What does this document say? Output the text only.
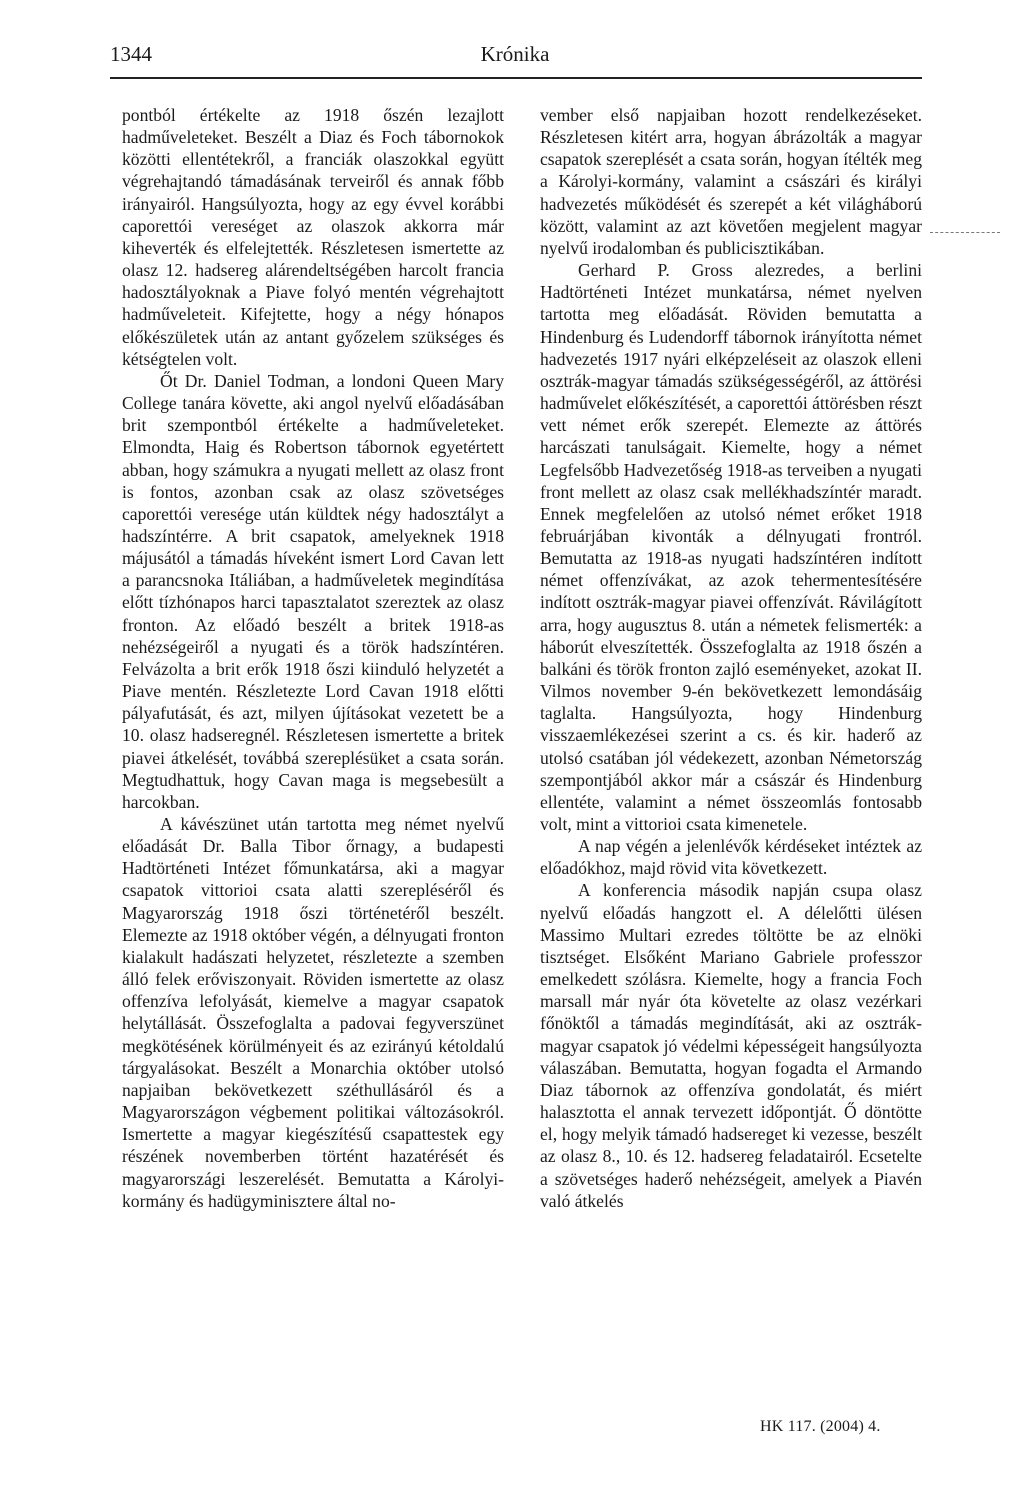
1344	Krónika

pontból értékelte az 1918 őszén lezajlott hadműveleteket. Beszélt a Diaz és Foch tábornokok közötti ellentétekről, a franciák olaszokkal együtt végrehajtandó támadásának terveiről és annak főbb irányairól. Hangsúlyozta, hogy az egy évvel korábbi caporettói vereséget az olaszok akkorra már kiheverték és elfelejtették. Részletesen ismertette az olasz 12. hadsereg alárendeltségében harcolt francia hadosztályoknak a Piave folyó mentén végrehajtott hadműveleteit. Kifejtette, hogy a négy hónapos előkészületek után az antant győzelem szükséges és kétségtelen volt.

Őt Dr. Daniel Todman, a londoni Queen Mary College tanára követte, aki angol nyelvű előadásában brit szempontból értékelte a hadműveleteket. Elmondta, Haig és Robertson tábornok egyetértett abban, hogy számukra a nyugati mellett az olasz front is fontos, azonban csak az olasz szövetséges caporettói veresége után küldtek négy hadosztályt a hadszíntérre. A brit csapatok, amelyeknek 1918 májusától a támadás híveként ismert Lord Cavan lett a parancsnoka Itáliában, a hadműveletek megindítása előtt tízhónapos harci tapasztalatot szereztek az olasz fronton. Az előadó beszélt a britek 1918-as nehézségeiről a nyugati és a török hadszíntéren. Felvázolta a brit erők 1918 őszi kiinduló helyzetét a Piave mentén. Részletezte Lord Cavan 1918 előtti pályafutását, és azt, milyen újításokat vezetett be a 10. olasz hadseregnél. Részletesen ismertette a britek piavei átkelését, továbbá szereplésüket a csata során. Megtudhattuk, hogy Cavan maga is megsebesült a harcokban.

A kávészünet után tartotta meg német nyelvű előadását Dr. Balla Tibor őrnagy, a budapesti Hadtörténeti Intézet főmunkatársa, aki a magyar csapatok vittorioi csata alatti szerepléséről és Magyarország 1918 őszi történetéről beszélt. Elemezte az 1918 október végén, a délnyugati fronton kialakult hadászati helyzetet, részletezte a szemben álló felek erőviszonyait. Röviden ismertette az olasz offenzíva lefolyását, kiemelve a magyar csapatok helytállását. Összefoglalta a padovai fegyverszünet megkötésének körülményeit és az ezirányú kétoldalú tárgyalásokat. Beszélt a Monarchia október utolsó napjaiban bekövetkezett széthullásáról és a Magyarországon végbement politikai változásokról. Ismertette a magyar kiegészítésű csapattestek egy részének novemberben történt hazatérését és magyarországi leszerelését. Bemutatta a Károlyi-kormány és hadügyminisztere által no-

vember első napjaiban hozott rendelkezéseket. Részletesen kitért arra, hogyan ábrázolták a magyar csapatok szereplését a csata során, hogyan ítélték meg a Károlyi-kormány, valamint a császári és királyi hadvezetés működését és szerepét a két világháború között, valamint az azt követően megjelent magyar nyelvű irodalomban és publicisztikában.

Gerhard P. Gross alezredes, a berlini Hadtörténeti Intézet munkatársa, német nyelven tartotta meg előadását. Röviden bemutatta a Hindenburg és Ludendorff tábornok irányította német hadvezetés 1917 nyári elképzeléseit az olaszok elleni osztrák-magyar támadás szükségességéről, az áttörési hadművelet előkészítését, a caporettói áttörésben részt vett német erők szerepét. Elemezte az áttörés harcászati tanulságait. Kiemelte, hogy a német Legfelsőbb Hadvezetőség 1918-as terveiben a nyugati front mellett az olasz csak mellékhadszíntér maradt. Ennek megfelelően az utolsó német erőket 1918 februárjában kivonták a délnyugati frontról. Bemutatta az 1918-as nyugati hadszíntéren indított német offenzívákat, az azok tehermentesítésére indított osztrák-magyar piavei offenzívát. Rávilágított arra, hogy augusztus 8. után a németek felismerték: a háborút elveszítették. Összefoglalta az 1918 őszén a balkáni és török fronton zajló eseményeket, azokat II. Vilmos november 9-én bekövetkezett lemondásáig taglalta. Hangsúlyozta, hogy Hindenburg visszaemlékezései szerint a cs. és kir. haderő az utolsó csatában jól védekezett, azonban Németország szempontjából akkor már a császár és Hindenburg ellentéte, valamint a német összeomlás fontosabb volt, mint a vittorioi csata kimenetele.

A nap végén a jelenlévők kérdéseket intéztek az előadókhoz, majd rövid vita következett.

A konferencia második napján csupa olasz nyelvű előadás hangzott el. A délelőtti ülésen Massimo Multari ezredes töltötte be az elnöki tisztséget. Elsőként Mariano Gabriele professzor emelkedett szólásra. Kiemelte, hogy a francia Foch marsall már nyár óta követelte az olasz vezérkari főnöktől a támadás megindítását, aki az osztrák-magyar csapatok jó védelmi képességeit hangsúlyozta válaszában. Bemutatta, hogyan fogadta el Armando Diaz tábornok az offenzíva gondolatát, és miért halasztotta el annak tervezett időpontját. Ő döntötte el, hogy melyik támadó hadsereget ki vezesse, beszélt az olasz 8., 10. és 12. hadsereg feladatairól. Ecsetelte a szövetséges haderő nehézségeit, amelyek a Piavén való átkelés

HK 117. (2004) 4.
